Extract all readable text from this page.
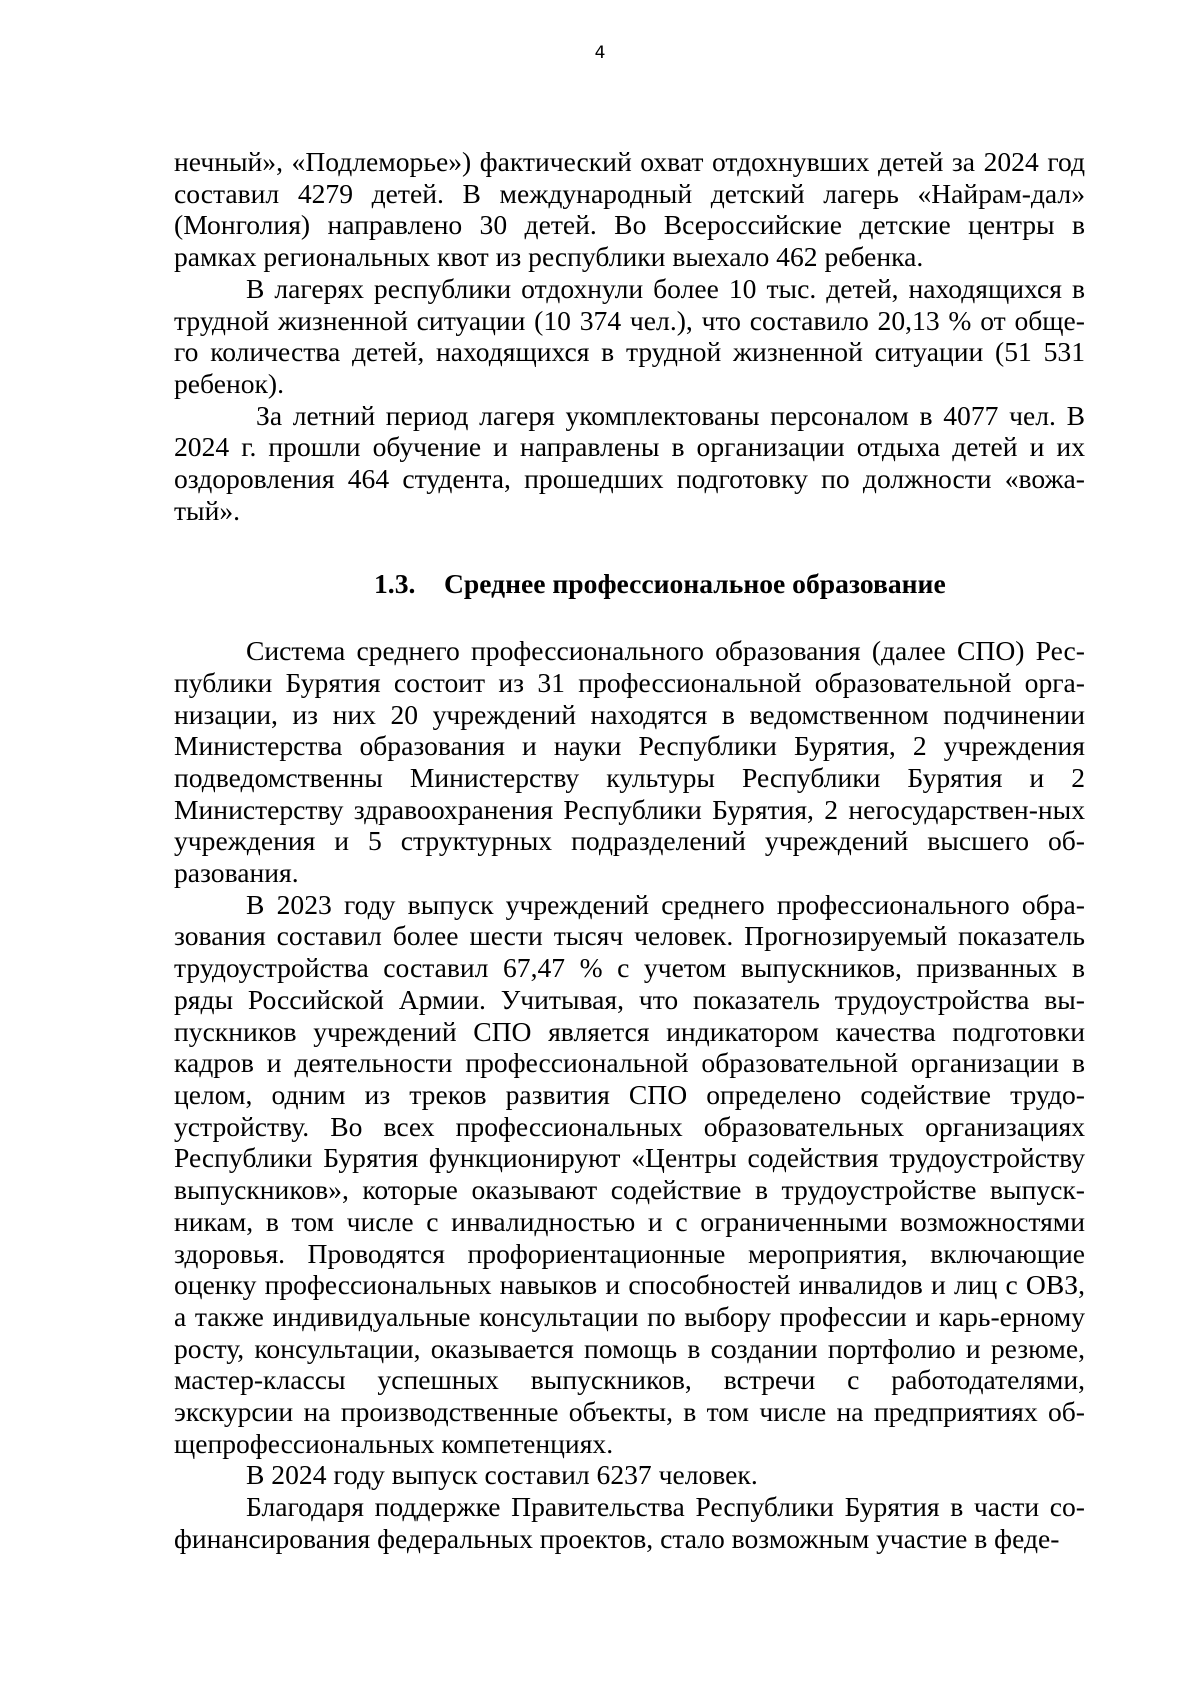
4

нечный», «Подлеморье») фактический охват отдохнувших детей за 2024 год составил 4279 детей. В международный детский лагерь «Найрам-дал» (Монголия) направлено 30 детей. Во Всероссийские детские центры в рамках региональных квот из республики выехало 462 ребенка.

В лагерях республики отдохнули более 10 тыс. детей, находящихся в трудной жизненной ситуации (10 374 чел.), что составило 20,13 % от обще-го количества детей, находящихся в трудной жизненной ситуации (51 531 ребенок).

За летний период лагеря укомплектованы персоналом в 4077 чел. В 2024 г. прошли обучение и направлены в организации отдыха детей и их оздоровления 464 студента, прошедших подготовку по должности «вожа-тый».

1.3. Среднее профессиональное образование

Система среднего профессионального образования (далее СПО) Рес-публики Бурятия состоит из 31 профессиональной образовательной орга-низации, из них 20 учреждений находятся в ведомственном подчинении Министерства образования и науки Республики Бурятия, 2 учреждения подведомственны Министерству культуры Республики Бурятия и 2 Министерству здравоохранения Республики Бурятия, 2 негосударствен-ных учреждения и 5 структурных подразделений учреждений высшего об-разования.

В 2023 году выпуск учреждений среднего профессионального обра-зования составил более шести тысяч человек. Прогнозируемый показатель трудоустройства составил 67,47 % с учетом выпускников, призванных в ряды Российской Армии. Учитывая, что показатель трудоустройства вы-пускников учреждений СПО является индикатором качества подготовки кадров и деятельности профессиональной образовательной организации в целом, одним из треков развития СПО определено содействие трудо-устройству. Во всех профессиональных образовательных организациях Республики Бурятия функционируют «Центры содействия трудоустройству выпускников», которые оказывают содействие в трудоустройстве выпуск-никам, в том числе с инвалидностью и с ограниченными возможностями здоровья. Проводятся профориентационные мероприятия, включающие оценку профессиональных навыков и способностей инвалидов и лиц с ОВЗ, а также индивидуальные консультации по выбору профессии и карь-ерному росту, консультации, оказывается помощь в создании портфолио и резюме, мастер-классы успешных выпускников, встречи с работодателями, экскурсии на производственные объекты, в том числе на предприятиях об-щепрофессиональных компетенциях.

В 2024 году выпуск составил 6237 человек.

Благодаря поддержке Правительства Республики Бурятия в части со-финансирования федеральных проектов, стало возможным участие в феде-
